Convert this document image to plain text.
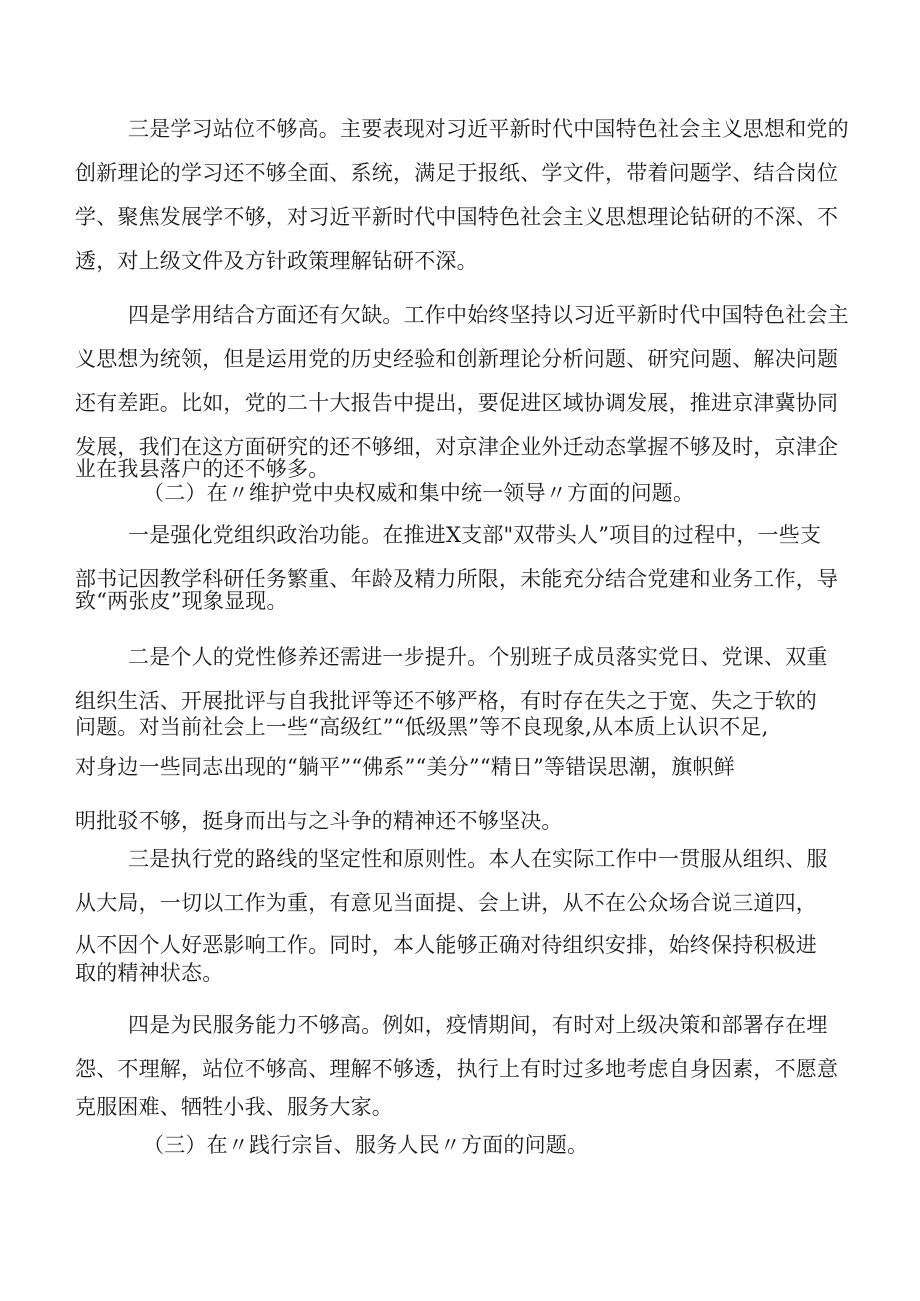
三是学习站位不够高。主要表现对习近平新时代中国特色社会主义思想和党的
创新理论的学习还不够全面、系统，满足于报纸、学文件，带着问题学、结合岗位
学、聚焦发展学不够，对习近平新时代中国特色社会主义思想理论钻研的不深、不
透，对上级文件及方针政策理解钻研不深。
四是学用结合方面还有欠缺。工作中始终坚持以习近平新时代中国特色社会主
义思想为统领，但是运用党的历史经验和创新理论分析问题、研究问题、解决问题
还有差距。比如，党的二十大报告中提出，要促进区域协调发展，推进京津冀协同
发展，我们在这方面研究的还不够细，对京津企业外迁动态掌握不够及时，京津企
业在我县落户的还不够多。
（二）在〃维护党中央权威和集中统一领导〃方面的问题。
一是强化党组织政治功能。在推进X支部"双带头人”项目的过程中，一些支
部书记因教学科研任务繁重、年龄及精力所限，未能充分结合党建和业务工作，导
致“两张皮”现象显现。
二是个人的党性修养还需进一步提升。个别班子成员落实党日、党课、双重
组织生活、开展批评与自我批评等还不够严格，有时存在失之于宽、失之于软的
问题。对当前社会上一些“高级红”“低级黑”等不良现象,从本质上认识不足,
对身边一些同志出现的“躺平”“佛系”“美分”“精日”等错误思潮，旗帜鲜
明批驳不够，挺身而出与之斗争的精神还不够坚决。
三是执行党的路线的坚定性和原则性。本人在实际工作中一贯服从组织、服
从大局，一切以工作为重，有意见当面提、会上讲，从不在公众场合说三道四，
从不因个人好恶影响工作。同时，本人能够正确对待组织安排，始终保持积极进
取的精神状态。
四是为民服务能力不够高。例如，疫情期间，有时对上级决策和部署存在埋
怨、不理解，站位不够高、理解不够透，执行上有时过多地考虑自身因素，不愿意
克服困难、牺牲小我、服务大家。
（三）在〃践行宗旨、服务人民〃方面的问题。
